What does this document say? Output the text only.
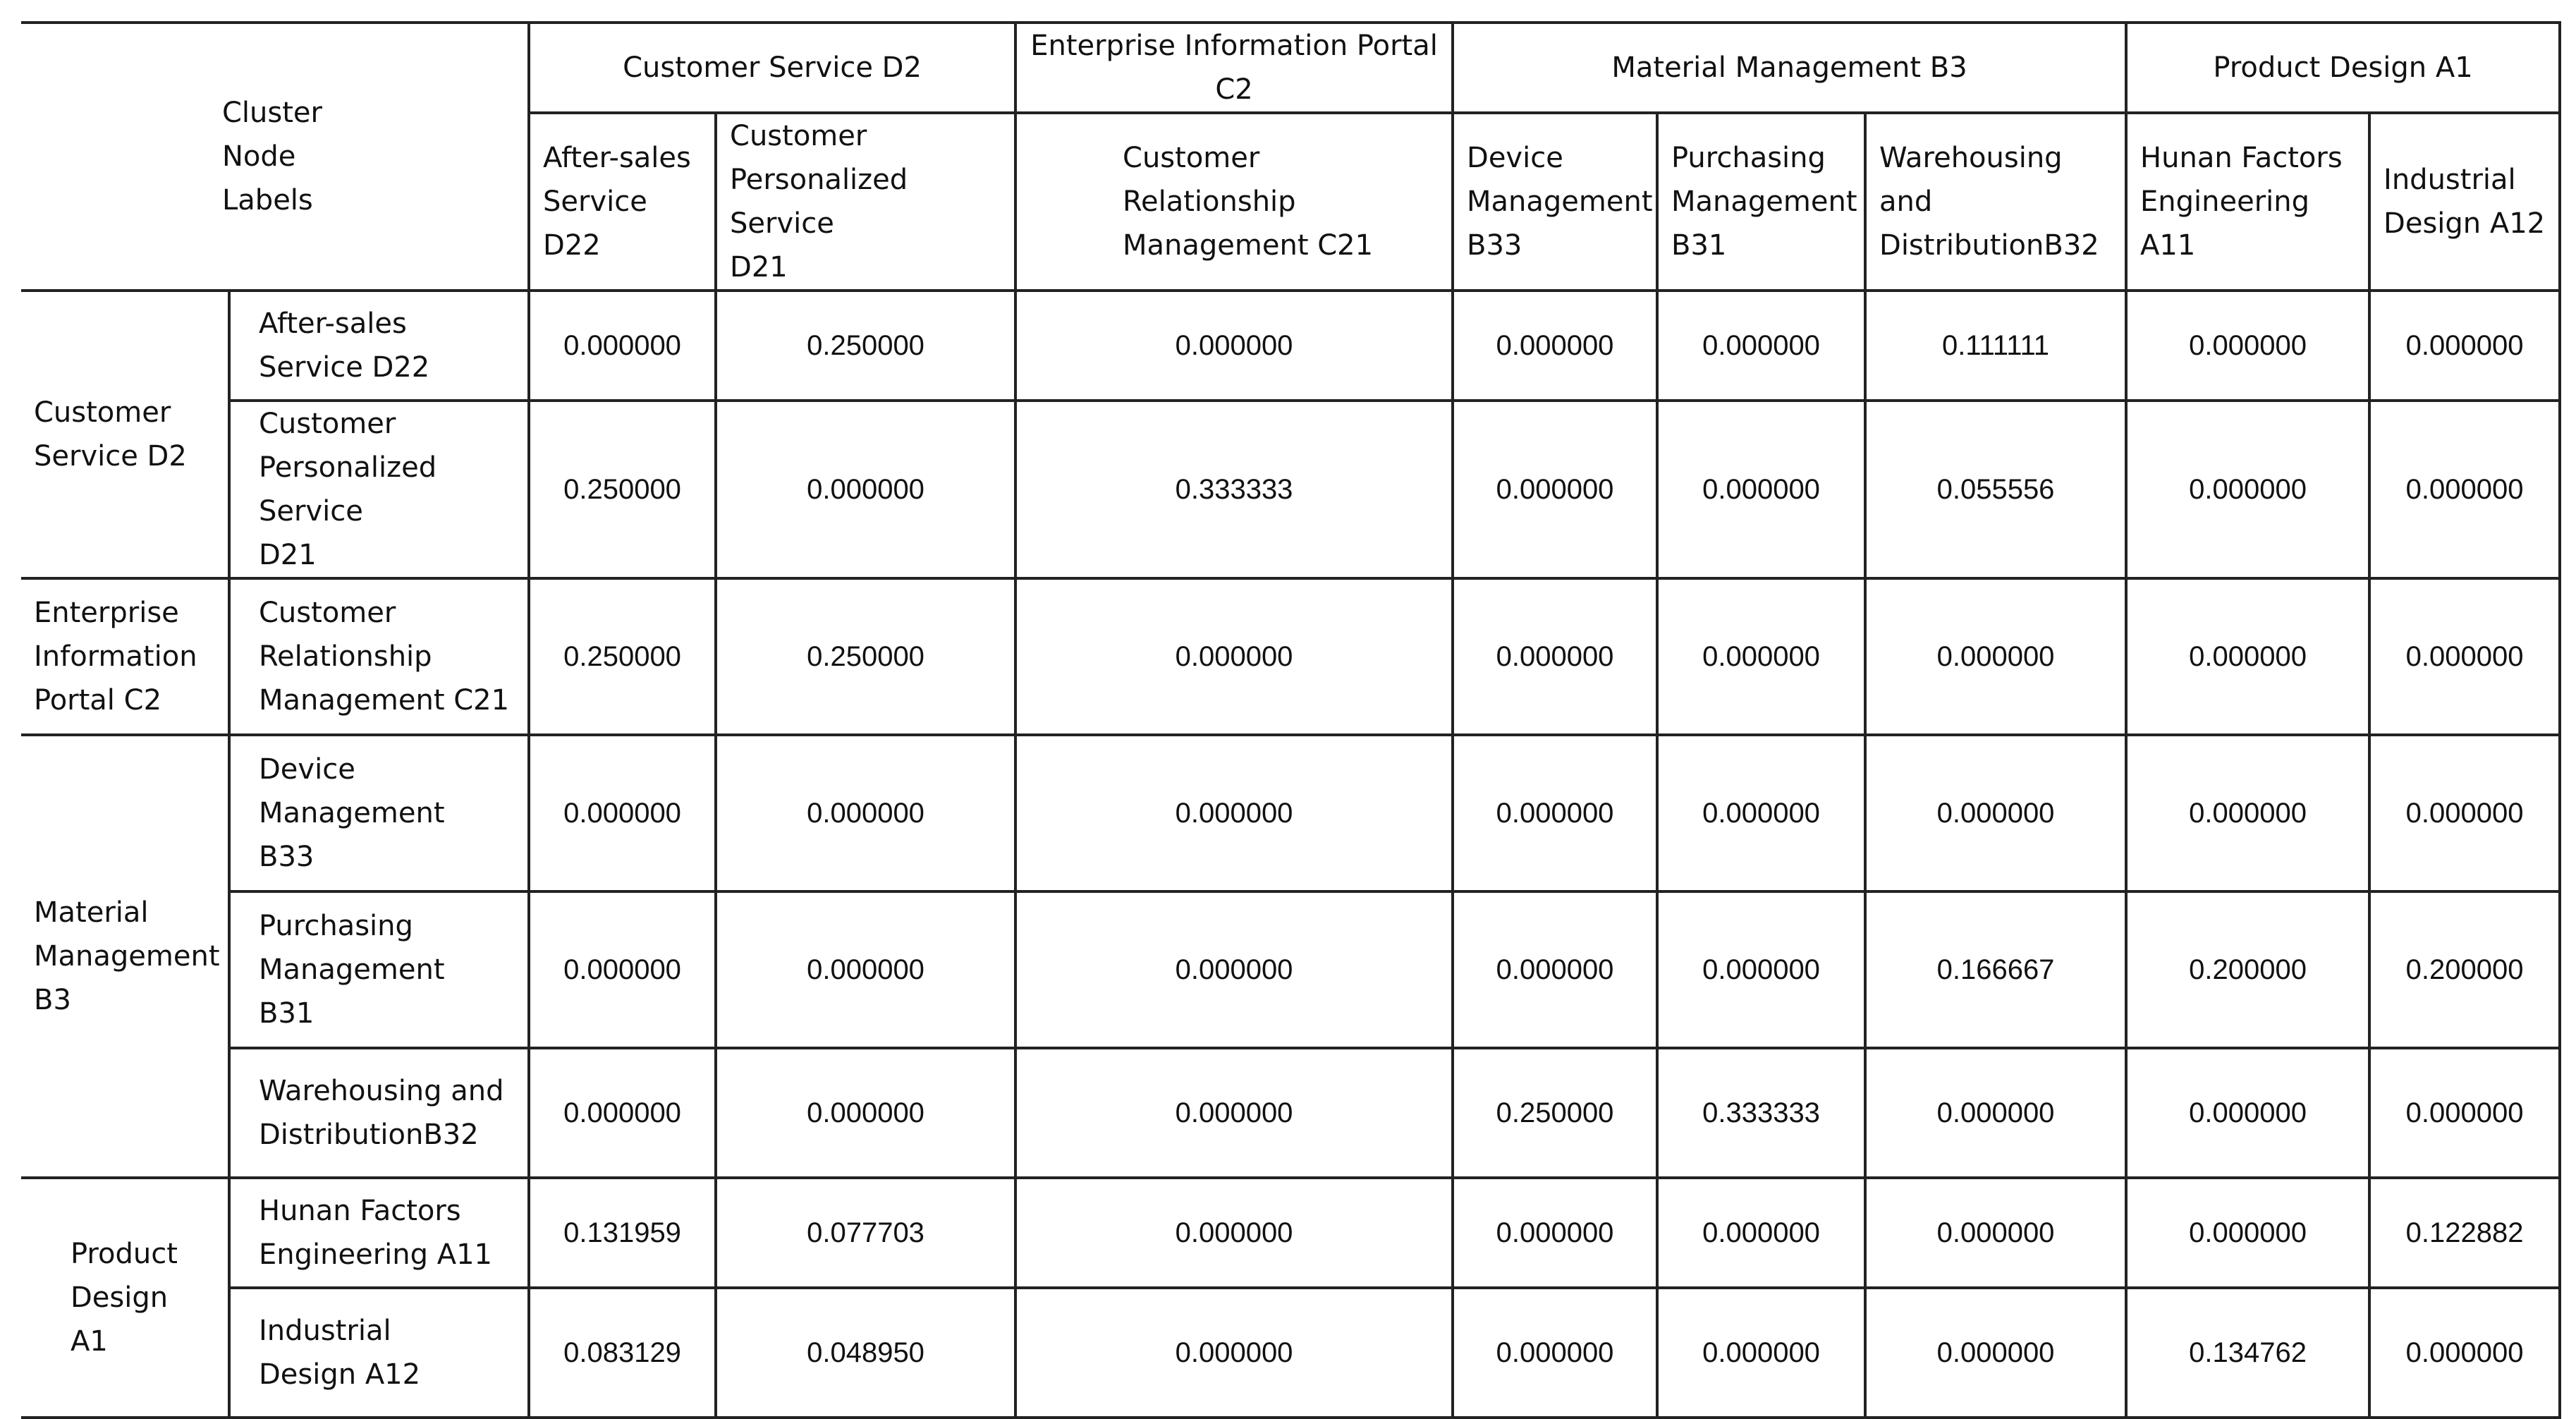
Cluster
Node
Labels		Customer Service D2		Enterprise Information Portal C2	Material Management B3			Product Design A1	

		After-sales
Service D22	Customer
Personalized Service
D21	Customer
Relationship
Management C21	Device
Management
B33	Purchasing
Management
B31	Warehousing and
DistributionB32	Hunan Factors
Engineering A11	Industrial
Design A12

Customer
Service D2	After-sales
Service D22	0.000000	0.250000	0.000000	0.000000	0.000000	0.111111	0.000000	0.000000

	Customer
Personalized Service
D21	0.250000	0.000000	0.333333	0.000000	0.000000	0.055556	0.000000	0.000000

Enterprise
Information
Portal C2	Customer
Relationship
Management C21	0.250000	0.250000	0.000000	0.000000	0.000000	0.000000	0.000000	0.000000

Material
Management
B3	Device
Management
B33	0.000000	0.000000	0.000000	0.000000	0.000000	0.000000	0.000000	0.000000

	Purchasing
Management
B31	0.000000	0.000000	0.000000	0.000000	0.000000	0.166667	0.200000	0.200000

	Warehousing and
DistributionB32	0.000000	0.000000	0.000000	0.250000	0.333333	0.000000	0.000000	0.000000

Product
Design
A1	Hunan Factors
Engineering A11	0.131959	0.077703	0.000000	0.000000	0.000000	0.000000	0.000000	0.122882

	Industrial
Design A12	0.083129	0.048950	0.000000	0.000000	0.000000	0.000000	0.134762	0.000000
